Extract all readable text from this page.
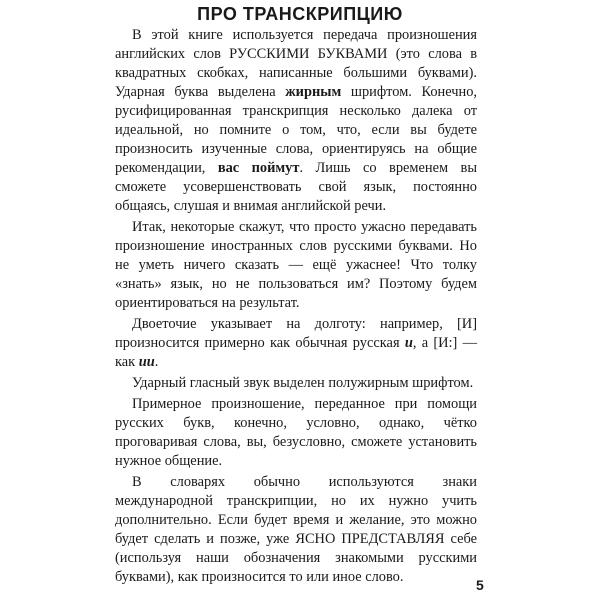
ПРО ТРАНСКРИПЦИЮ

В этой книге используется передача произношения английских слов РУССКИМИ БУКВАМИ (это слова в квадратных скобках, написанные большими буквами). Ударная буква выделена жирным шрифтом. Конечно, русифицированная транскрипция несколько далека от идеальной, но помните о том, что, если вы будете произносить изученные слова, ориентируясь на общие рекомендации, вас поймут. Лишь со временем вы сможете усовершенствовать свой язык, постоянно общаясь, слушая и внимая английской речи.

Итак, некоторые скажут, что просто ужасно передавать произношение иностранных слов русскими буквами. Но не уметь ничего сказать — ещё ужаснее! Что толку «знать» язык, но не пользоваться им? Поэтому будем ориентироваться на результат.

Двоеточие указывает на долготу: например, [И] произносится примерно как обычная русская и, а [И:] — как ии.

Ударный гласный звук выделен полужирным шрифтом.

Примерное произношение, переданное при помощи русских букв, конечно, условно, однако, чётко проговаривая слова, вы, безусловно, сможете установить нужное общение.

В словарях обычно используются знаки международной транскрипции, но их нужно учить дополнительно. Если будет время и желание, это можно будет сделать и позже, уже ЯСНО ПРЕДСТАВЛЯЯ себе (используя наши обозначения знакомыми русскими буквами), как произносится то или иное слово.	5
